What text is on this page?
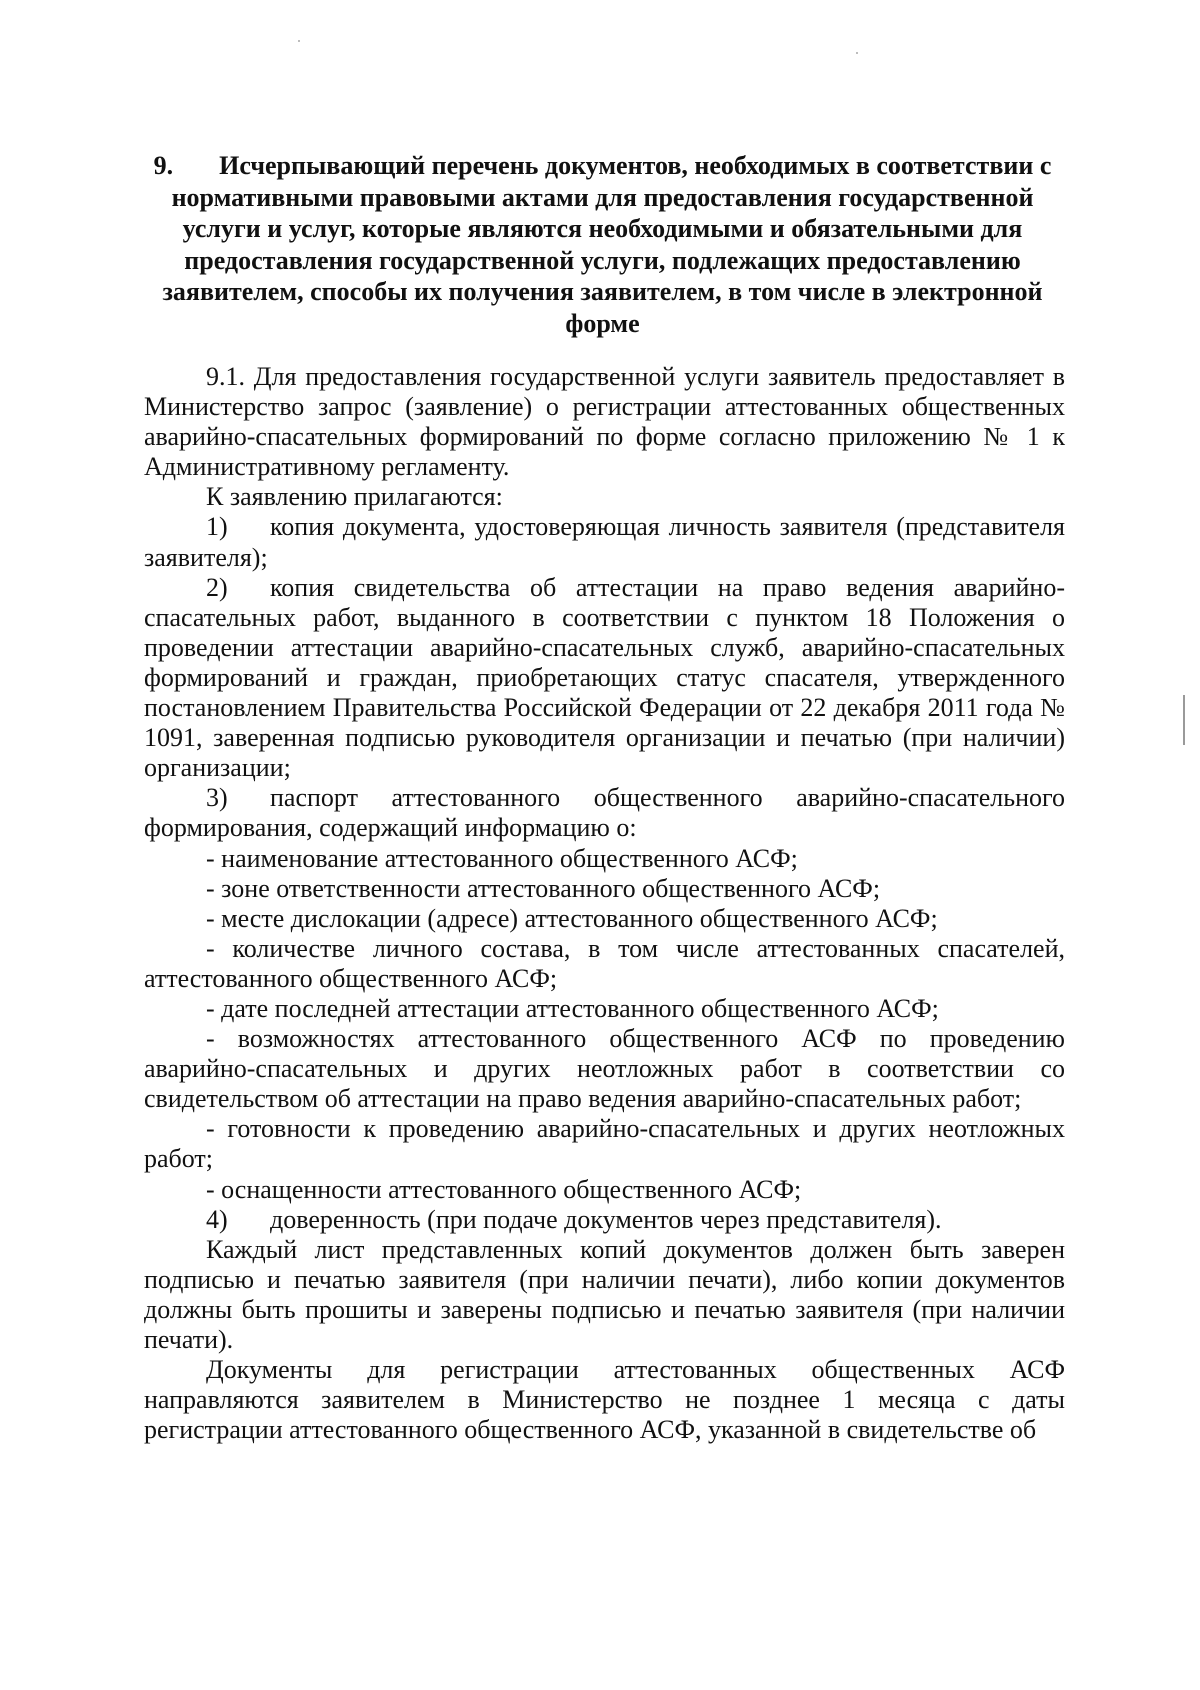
9. Исчерпывающий перечень документов, необходимых в соответствии с нормативными правовыми актами для предоставления государственной услуги и услуг, которые являются необходимыми и обязательными для предоставления государственной услуги, подлежащих предоставлению заявителем, способы их получения заявителем, в том числе в электронной форме

9.1. Для предоставления государственной услуги заявитель предоставляет в Министерство запрос (заявление) о регистрации аттестованных общественных аварийно-спасательных формирований по форме согласно приложению № 1 к Административному регламенту.

К заявлению прилагаются:

1) копия документа, удостоверяющая личность заявителя (представителя заявителя);

2) копия свидетельства об аттестации на право ведения аварийно-спасательных работ, выданного в соответствии с пунктом 18 Положения о проведении аттестации аварийно-спасательных служб, аварийно-спасательных формирований и граждан, приобретающих статус спасателя, утвержденного постановлением Правительства Российской Федерации от 22 декабря 2011 года № 1091, заверенная подписью руководителя организации и печатью (при наличии) организации;

3) паспорт аттестованного общественного аварийно-спасательного формирования, содержащий информацию о:

- наименование аттестованного общественного АСФ;

- зоне ответственности аттестованного общественного АСФ;

- месте дислокации (адресе) аттестованного общественного АСФ;

- количестве личного состава, в том числе аттестованных спасателей, аттестованного общественного АСФ;

- дате последней аттестации аттестованного общественного АСФ;

- возможностях аттестованного общественного АСФ по проведению аварийно-спасательных и других неотложных работ в соответствии со свидетельством об аттестации на право ведения аварийно-спасательных работ;

- готовности к проведению аварийно-спасательных и других неотложных работ;

- оснащенности аттестованного общественного АСФ;

4) доверенность (при подаче документов через представителя).

Каждый лист представленных копий документов должен быть заверен подписью и печатью заявителя (при наличии печати), либо копии документов должны быть прошиты и заверены подписью и печатью заявителя (при наличии печати).

Документы для регистрации аттестованных общественных АСФ направляются заявителем в Министерство не позднее 1 месяца с даты регистрации аттестованного общественного АСФ, указанной в свидетельстве об
